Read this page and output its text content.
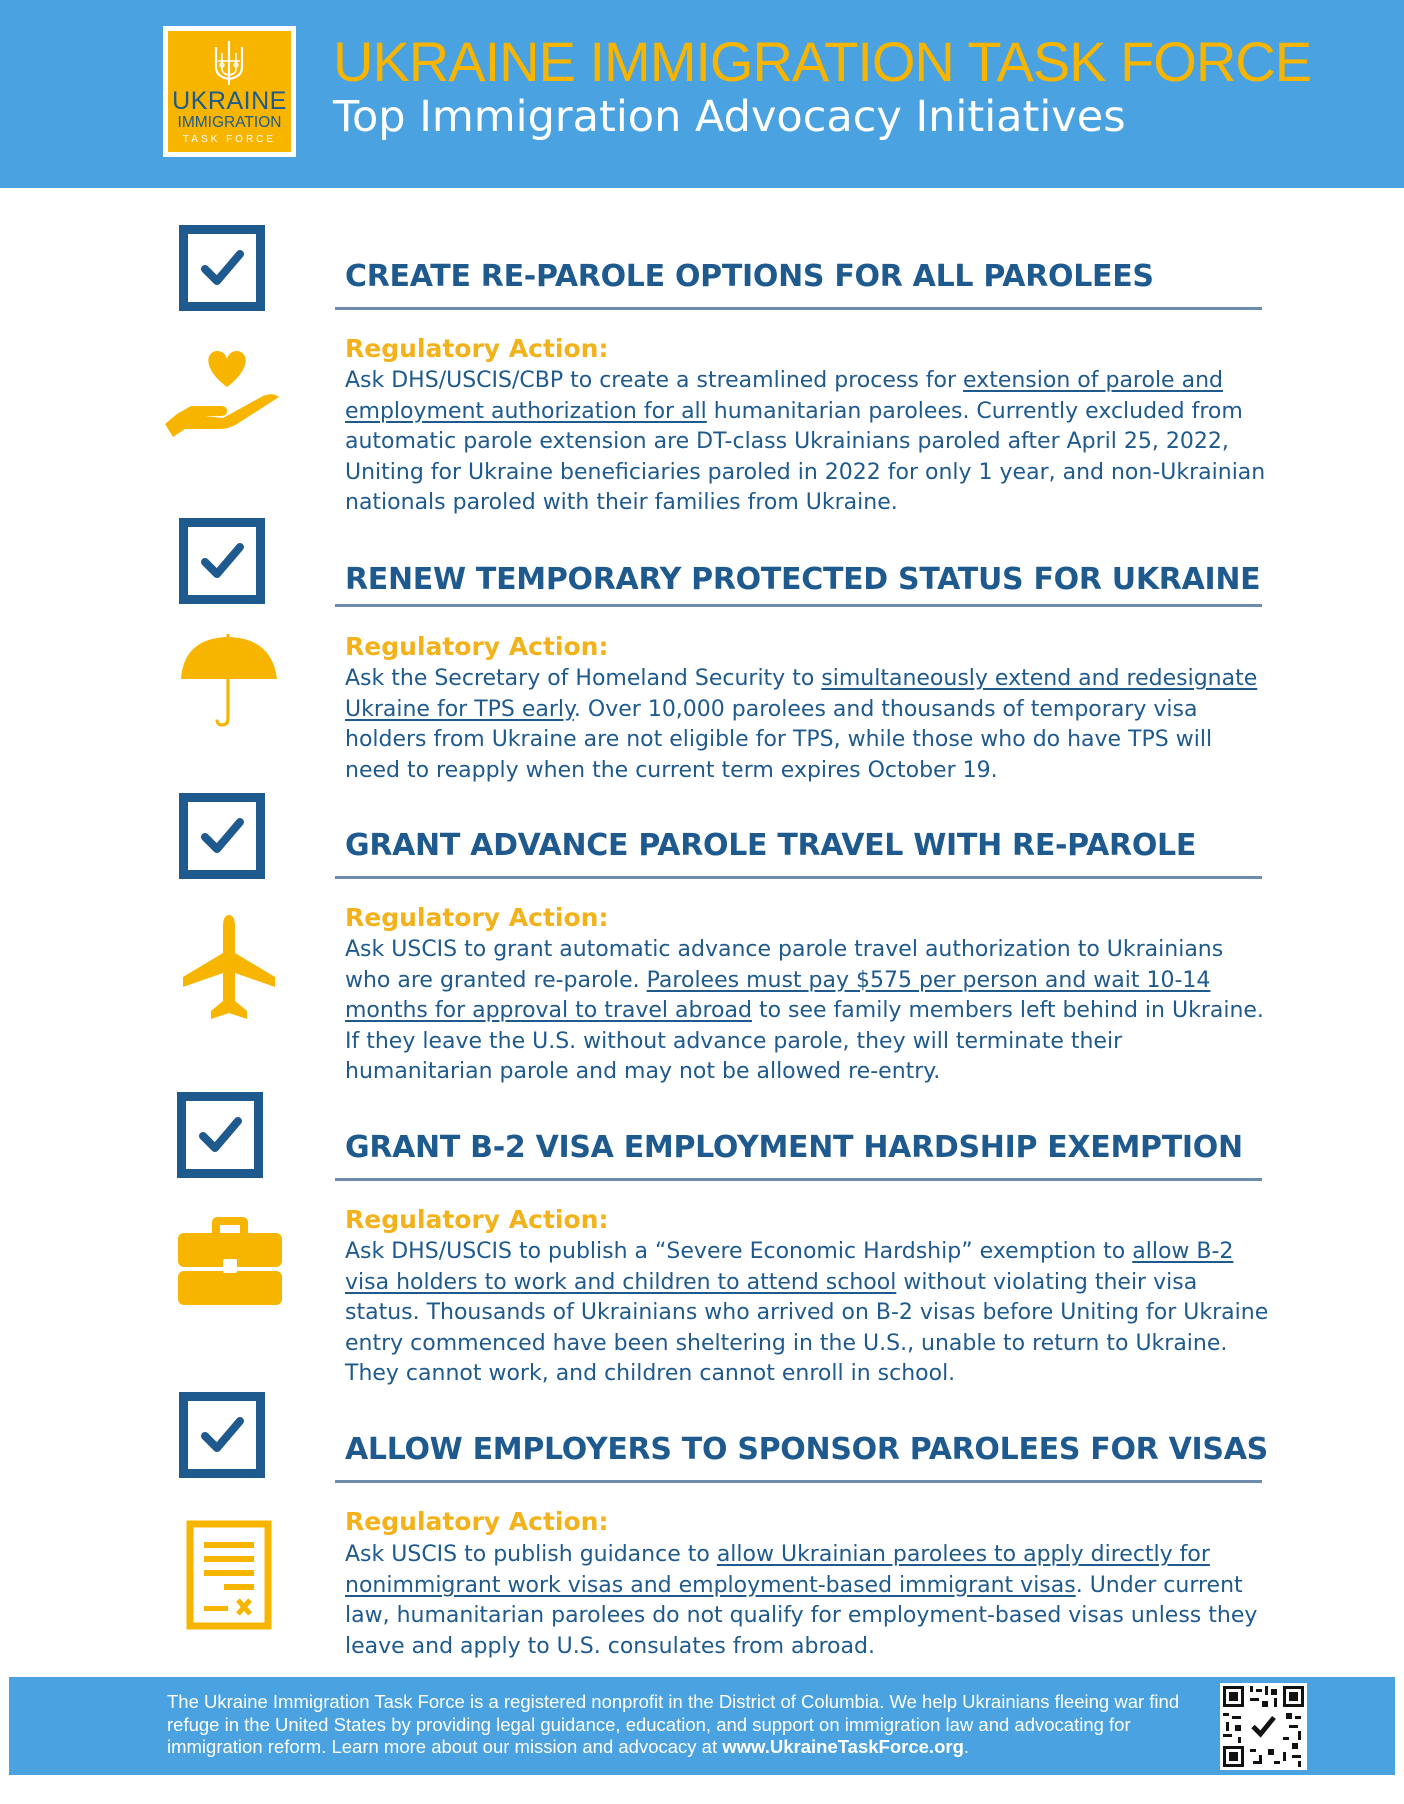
UKRAINE
IMMIGRATION
TASK FORCE
UKRAINE IMMIGRATION TASK FORCE
Top Immigration Advocacy Initiatives
CREATE RE-PAROLE OPTIONS FOR ALL PAROLEES
Regulatory Action:
Ask DHS/USCIS/CBP to create a streamlined process for extension of parole and employment authorization for all humanitarian parolees. Currently excluded from automatic parole extension are DT-class Ukrainians paroled after April 25, 2022, Uniting for Ukraine beneficiaries paroled in 2022 for only 1 year, and non-Ukrainian nationals paroled with their families from Ukraine.
RENEW TEMPORARY PROTECTED STATUS FOR UKRAINE
Regulatory Action:
Ask the Secretary of Homeland Security to simultaneously extend and redesignate Ukraine for TPS early. Over 10,000 parolees and thousands of temporary visa holders from Ukraine are not eligible for TPS, while those who do have TPS will need to reapply when the current term expires October 19.
GRANT ADVANCE PAROLE TRAVEL WITH RE-PAROLE
Regulatory Action:
Ask USCIS to grant automatic advance parole travel authorization to Ukrainians who are granted re-parole. Parolees must pay $575 per person and wait 10-14 months for approval to travel abroad to see family members left behind in Ukraine. If they leave the U.S. without advance parole, they will terminate their humanitarian parole and may not be allowed re-entry.
GRANT B-2 VISA EMPLOYMENT HARDSHIP EXEMPTION
Regulatory Action:
Ask DHS/USCIS to publish a “Severe Economic Hardship” exemption to allow B-2 visa holders to work and children to attend school without violating their visa status. Thousands of Ukrainians who arrived on B-2 visas before Uniting for Ukraine entry commenced have been sheltering in the U.S., unable to return to Ukraine. They cannot work, and children cannot enroll in school.
ALLOW EMPLOYERS TO SPONSOR PAROLEES FOR VISAS
Regulatory Action:
Ask USCIS to publish guidance to allow Ukrainian parolees to apply directly for nonimmigrant work visas and employment-based immigrant visas. Under current law, humanitarian parolees do not qualify for employment-based visas unless they leave and apply to U.S. consulates from abroad.
The Ukraine Immigration Task Force is a registered nonprofit in the District of Columbia. We help Ukrainians fleeing war find refuge in the United States by providing legal guidance, education, and support on immigration law and advocating for immigration reform. Learn more about our mission and advocacy at www.UkraineTaskForce.org.
